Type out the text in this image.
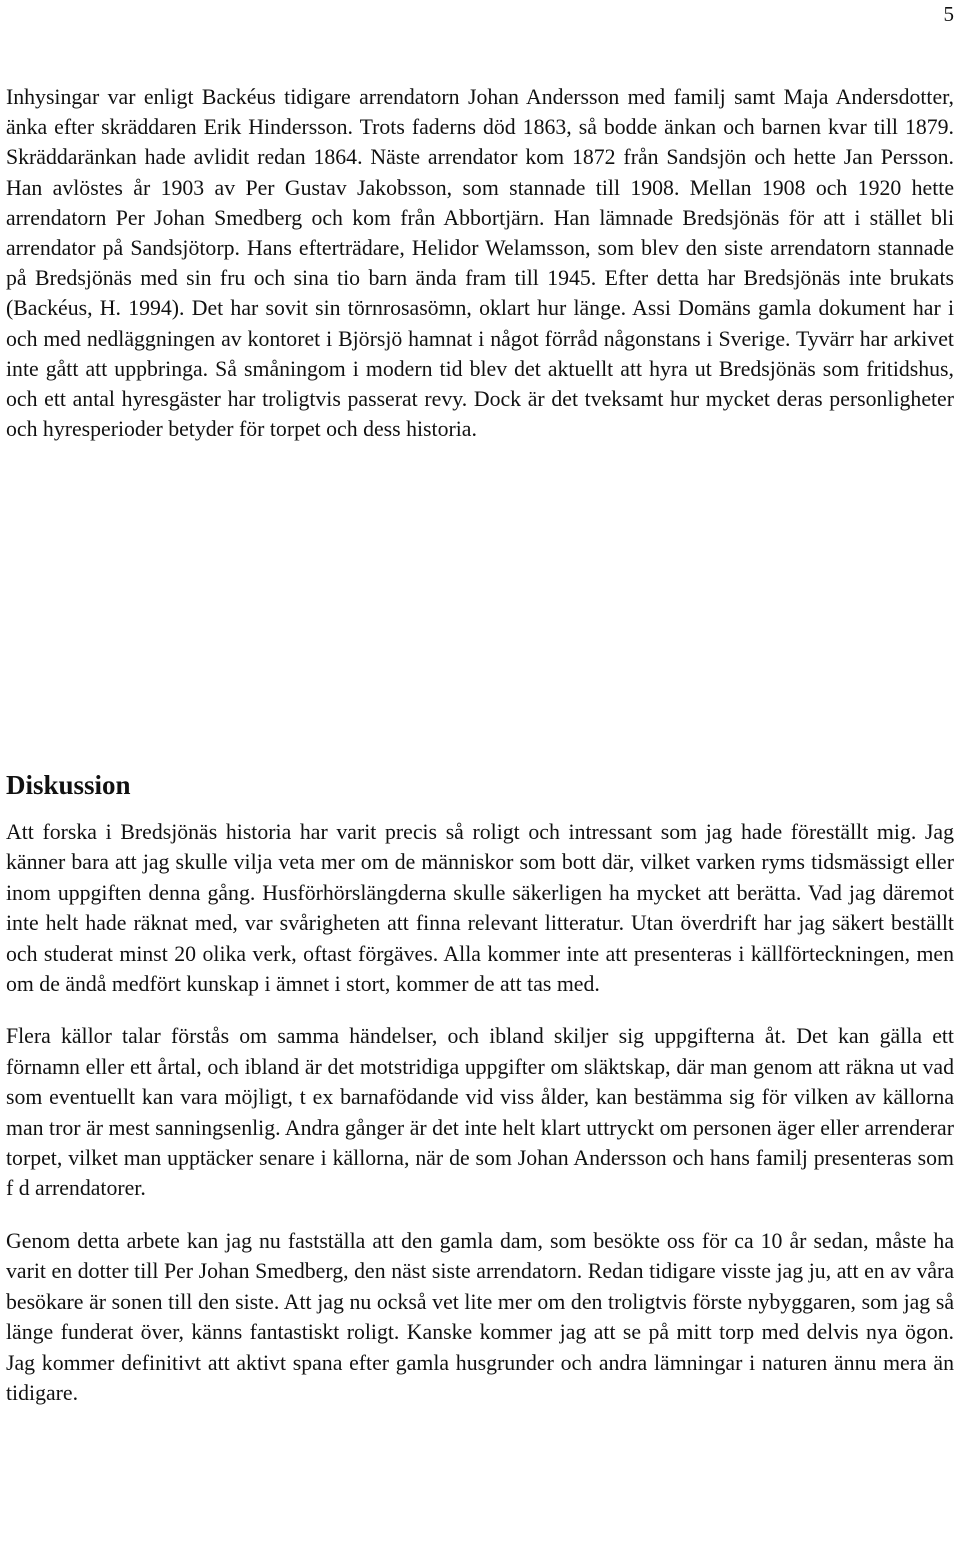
5

Inhysingar var enligt Backéus tidigare arrendatorn Johan Andersson med familj samt Maja Andersdotter, änka efter skräddaren Erik Hindersson. Trots faderns död 1863, så bodde änkan och barnen kvar till 1879. Skräddaränkan hade avlidit redan 1864. Näste arrendator kom 1872 från Sandsjön och hette Jan Persson. Han avlöstes år 1903 av Per Gustav Jakobsson, som stannade till 1908. Mellan 1908 och 1920 hette arrendatorn Per Johan Smedberg och kom från Abbortjärn. Han lämnade Bredsjönäs för att i stället bli arrendator på Sandsjötorp. Hans efterträdare, Helidor Welamsson, som blev den siste arrendatorn stannade på Bredsjönäs med sin fru och sina tio barn ända fram till 1945. Efter detta har Bredsjönäs inte brukats (Backéus, H. 1994). Det har sovit sin törnrosasömn, oklart hur länge. Assi Domäns gamla dokument har i och med nedläggningen av kontoret i Björsjö hamnat i något förråd någonstans i Sverige. Tyvärr har arkivet inte gått att uppbringa. Så småningom i modern tid blev det aktuellt att hyra ut Bredsjönäs som fritidshus, och ett antal hyresgäster har troligtvis passerat revy. Dock är det tveksamt hur mycket deras personligheter och hyresperioder betyder för torpet och dess historia.

Diskussion

Att forska i Bredsjönäs historia har varit precis så roligt och intressant som jag hade föreställt mig. Jag känner bara att jag skulle vilja veta mer om de människor som bott där, vilket varken ryms tidsmässigt eller inom uppgiften denna gång. Husförhörslängderna skulle säkerligen ha mycket att berätta. Vad jag däremot inte helt hade räknat med, var svårigheten att finna relevant litteratur. Utan överdrift har jag säkert beställt och studerat minst 20 olika verk, oftast förgäves. Alla kommer inte att presenteras i källförteckningen, men om de ändå medfört kunskap i ämnet i stort, kommer de att tas med.

Flera källor talar förstås om samma händelser, och ibland skiljer sig uppgifterna åt. Det kan gälla ett förnamn eller ett årtal, och ibland är det motstridiga uppgifter om släktskap, där man genom att räkna ut vad som eventuellt kan vara möjligt, t ex barnafödande vid viss ålder, kan bestämma sig för vilken av källorna man tror är mest sanningsenlig. Andra gånger är det inte helt klart uttryckt om personen äger eller arrenderar torpet, vilket man upptäcker senare i källorna, när de som Johan Andersson och hans familj presenteras som f d arrendatorer.

Genom detta arbete kan jag nu fastställa att den gamla dam, som besökte oss för ca 10 år sedan, måste ha varit en dotter till Per Johan Smedberg, den näst siste arrendatorn. Redan tidigare visste jag ju, att en av våra besökare är sonen till den siste. Att jag nu också vet lite mer om den troligtvis förste nybyggaren, som jag så länge funderat över, känns fantastiskt roligt. Kanske kommer jag att se på mitt torp med delvis nya ögon. Jag kommer definitivt att aktivt spana efter gamla husgrunder och andra lämningar i naturen ännu mera än tidigare.
